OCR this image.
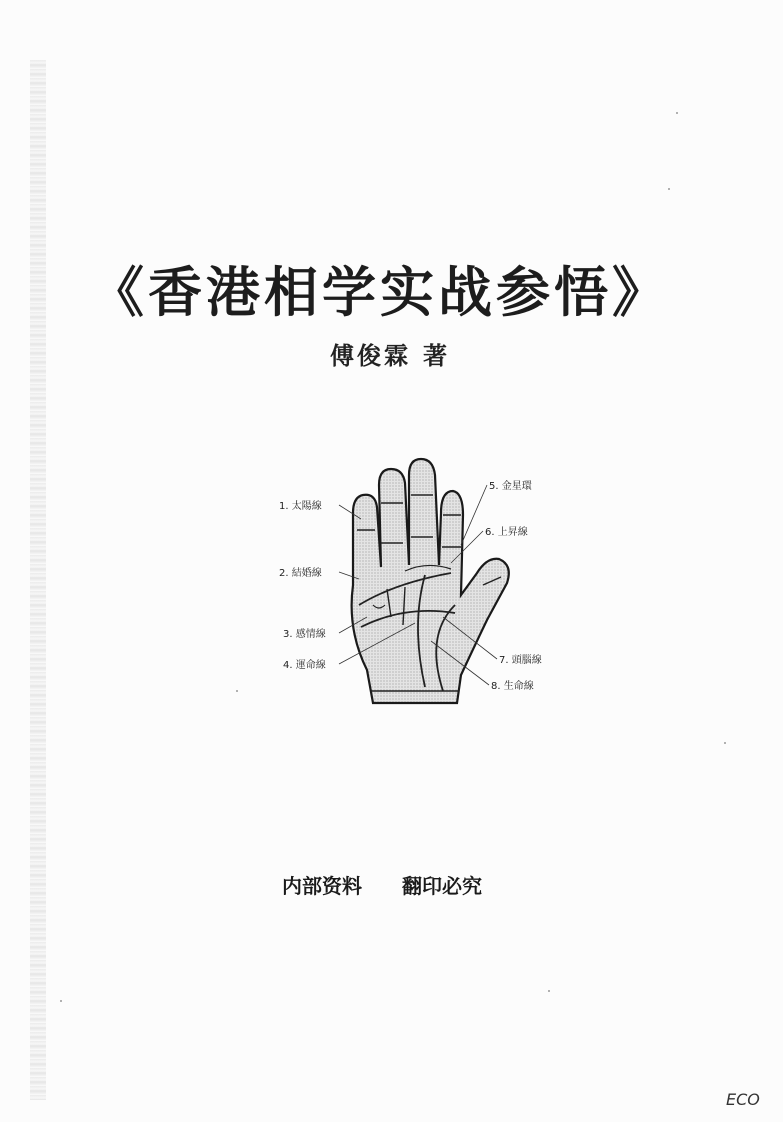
《香港相学实战参悟》
傅俊霖 著
1. 太陽線
2. 結婚線
3. 感情線
4. 運命線
5. 金星環
6. 上昇線
7. 頭腦線
8. 生命線
内部资料 翻印必究
ECO
